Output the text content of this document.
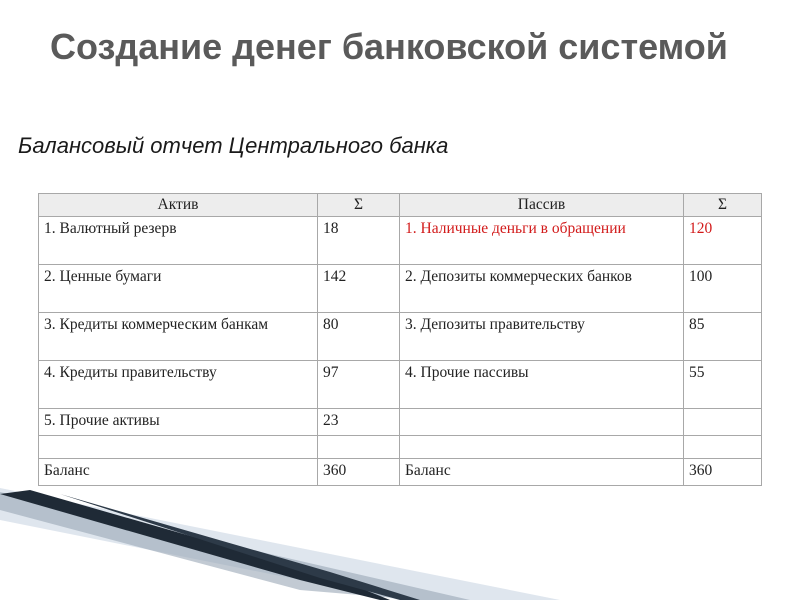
Создание денег банковской системой

Балансовый отчет Центрального банка

Актив	Σ	Пассив	Σ
1. Валютный резерв	18	1. Наличные деньги в обращении	120
2. Ценные бумаги	142	2. Депозиты коммерческих банков	100
3. Кредиты коммерческим банкам	80	3. Депозиты правительству	85
4. Кредиты правительству	97	4. Прочие пассивы	55
5. Прочие активы	23		

Баланс	360	Баланс	360
